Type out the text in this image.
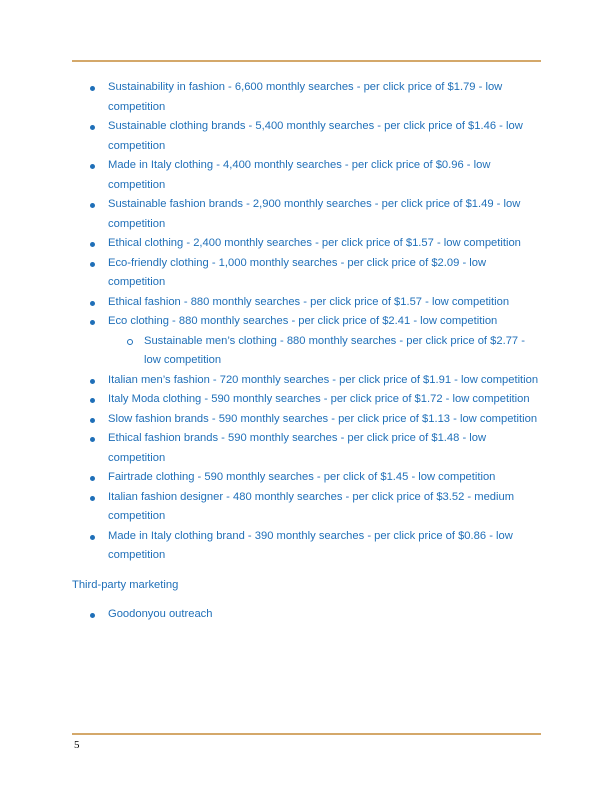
Sustainability in fashion - 6,600 monthly searches - per click price of $1.79 - low competition
Sustainable clothing brands - 5,400 monthly searches - per click price of $1.46 - low competition
Made in Italy clothing - 4,400 monthly searches - per click price of $0.96 - low competition
Sustainable fashion brands - 2,900 monthly searches - per click price of $1.49 - low competition
Ethical clothing - 2,400 monthly searches - per click price of $1.57 - low competition
Eco-friendly clothing - 1,000 monthly searches - per click price of $2.09 - low competition
Ethical fashion - 880 monthly searches - per click price of $1.57 - low competition
Eco clothing - 880 monthly searches - per click price of $2.41 - low competition
Sustainable men’s clothing - 880 monthly searches - per click price of $2.77 - low competition
Italian men’s fashion - 720 monthly searches - per click price of $1.91 - low competition
Italy Moda clothing - 590 monthly searches - per click price of $1.72 - low competition
Slow fashion brands - 590 monthly searches - per click price of $1.13 - low competition
Ethical fashion brands - 590 monthly searches - per click price of $1.48 - low competition
Fairtrade clothing - 590 monthly searches - per click of $1.45 - low competition
Italian fashion designer - 480 monthly searches - per click price of $3.52 - medium competition
Made in Italy clothing brand - 390 monthly searches - per click price of $0.86 - low competition
Third-party marketing
Goodonyou outreach
5
